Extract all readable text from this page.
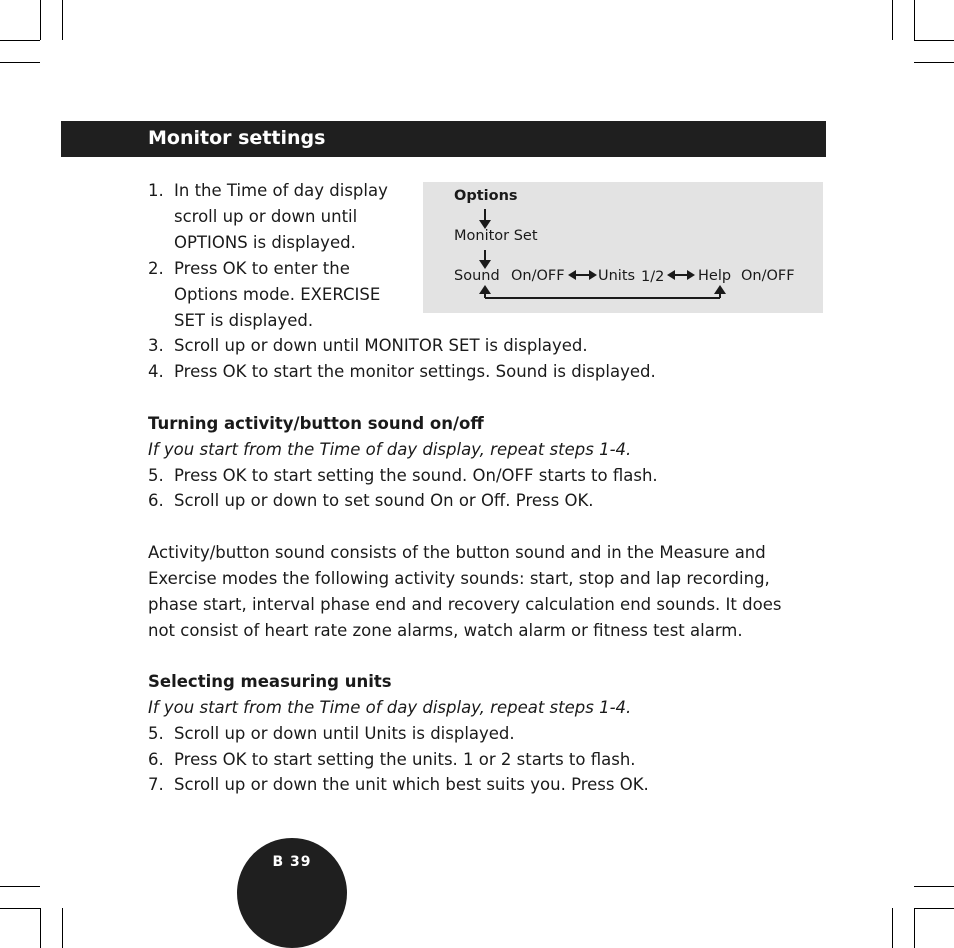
Monitor settings
1. In the Time of day display
scroll up or down until
OPTIONS is displayed.
2. Press OK to enter the
Options mode. EXERCISE
SET is displayed.
3. Scroll up or down until MONITOR SET is displayed.
4. Press OK to start the monitor settings. Sound is displayed.
Turning activity/button sound on/off
If you start from the Time of day display, repeat steps 1-4.
5. Press OK to start setting the sound. On/OFF starts to flash.
6. Scroll up or down to set sound On or Off. Press OK.
Activity/button sound consists of the button sound and in the Measure and
Exercise modes the following activity sounds: start, stop and lap recording,
phase start, interval phase end and recovery calculation end sounds. It does
not consist of heart rate zone alarms, watch alarm or fitness test alarm.
Selecting measuring units
If you start from the Time of day display, repeat steps 1-4.
5. Scroll up or down until Units is displayed.
6. Press OK to start setting the units. 1 or 2 starts to flash.
7. Scroll up or down the unit which best suits you. Press OK.
Options
Monitor Set
Sound On/OFF Units 1/2 Help On/OFF
B 39
